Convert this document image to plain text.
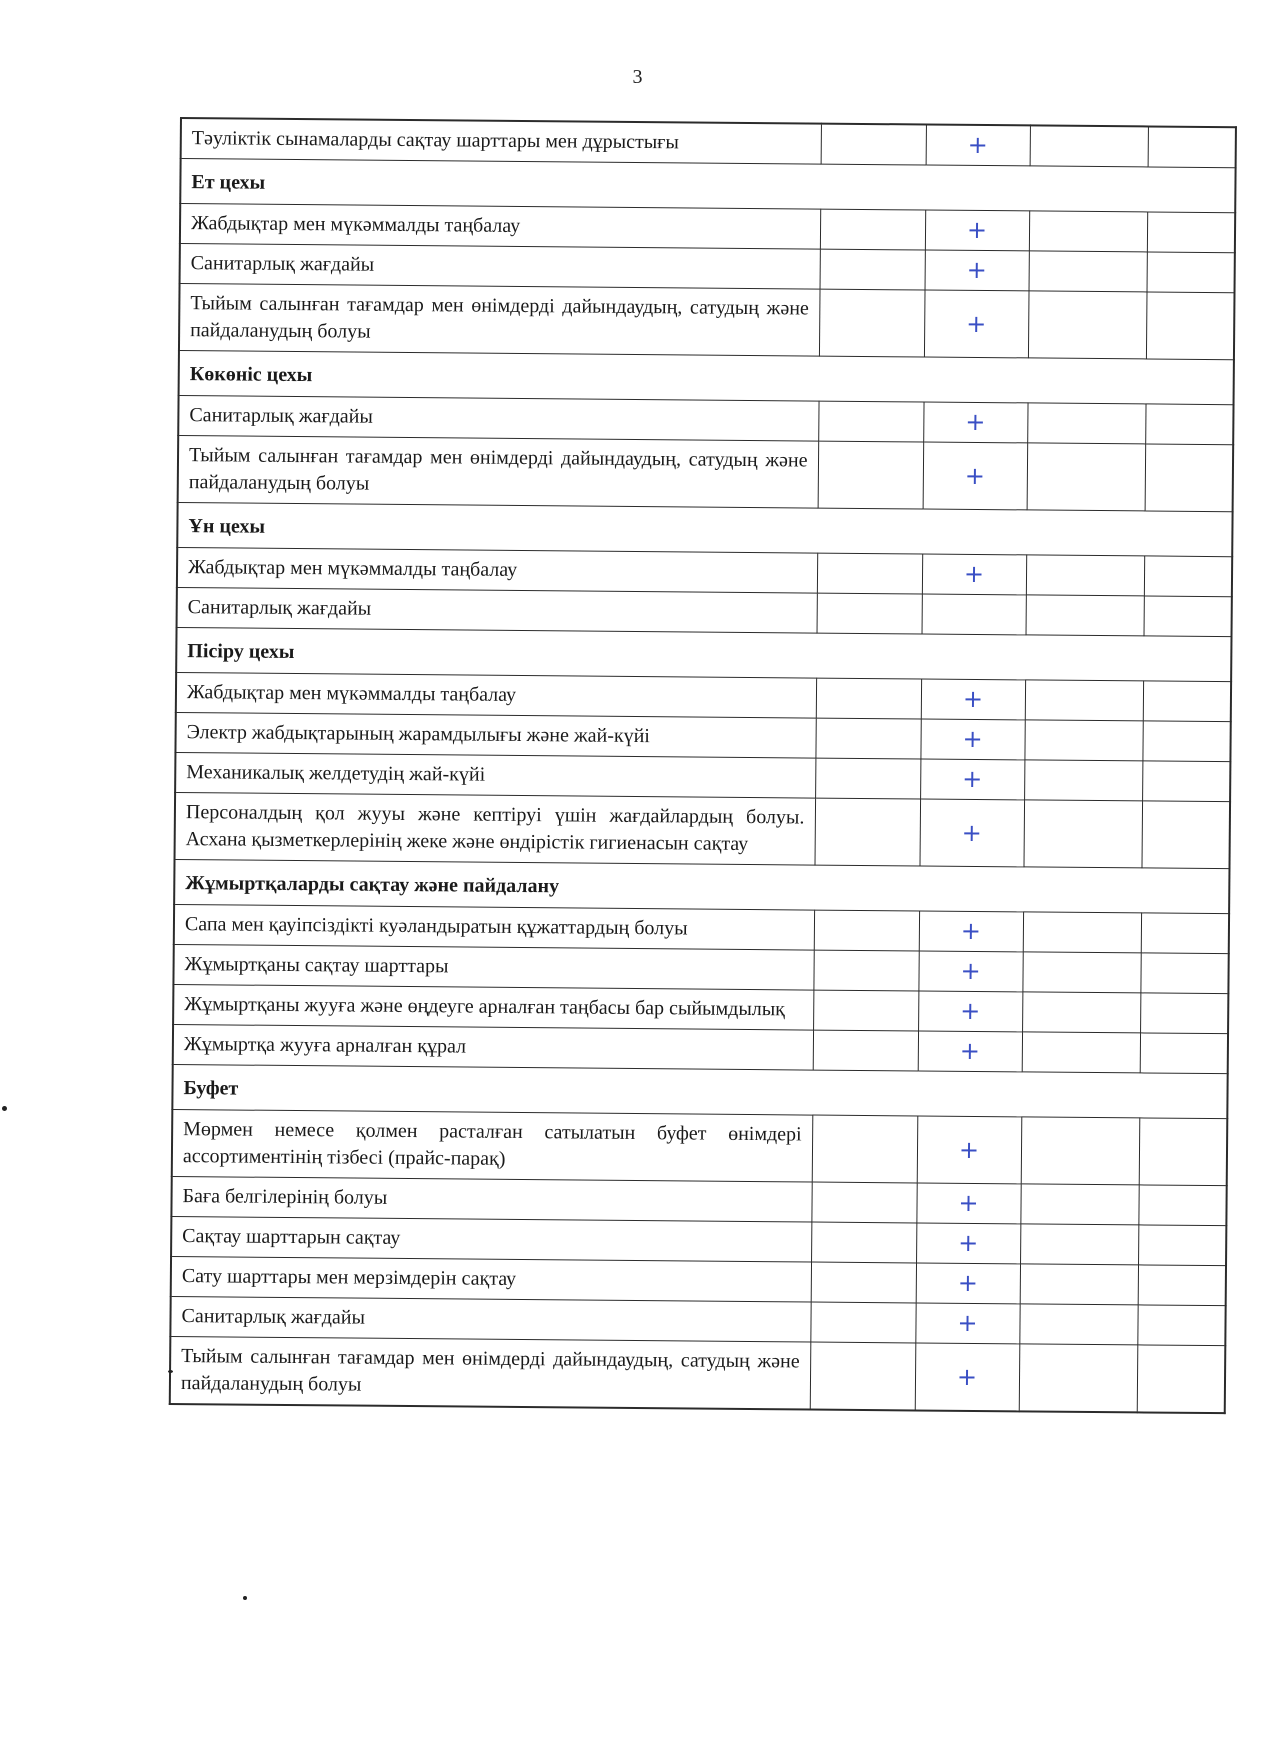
3
Тәуліктік сынамаларды сақтау шарттары мен дұрыстығы		+		
Ет цехы				
Жабдықтар мен мүкәммалды таңбалау		+		
Санитарлық жағдайы		+		
Тыйым салынған тағамдар мен өнімдерді дайындаудың, сатудың және пайдаланудың болуы		+		
Көкөніс цехы				
Санитарлық жағдайы		+		
Тыйым салынған тағамдар мен өнімдерді дайындаудың, сатудың және пайдаланудың болуы		+		
Ұн цехы				
Жабдықтар мен мүкәммалды таңбалау		+		
Санитарлық жағдайы				
Пісіру цехы				
Жабдықтар мен мүкәммалды таңбалау		+		
Электр жабдықтарының жарамдылығы және жай-күйі		+		
Механикалық желдетудің жай-күйі		+		
Персоналдың қол жууы және кептіруі үшін жағдайлардың болуы. Асхана қызметкерлерінің жеке және өндірістік гигиенасын сақтау		+		
Жұмыртқаларды сақтау және пайдалану				
Сапа мен қауіпсіздікті куәландыратын құжаттардың болуы		+		
Жұмыртқаны сақтау шарттары		+		
Жұмыртқаны жууға және өңдеуге арналған таңбасы бар сыйымдылық		+		
Жұмыртқа жууға арналған құрал		+		
Буфет				
Мөрмен немесе қолмен расталған сатылатын буфет өнімдері ассортиментінің тізбесі (прайс-парақ)		+		
Баға белгілерінің болуы		+		
Сақтау шарттарын сақтау		+		
Сату шарттары мен мерзімдерін сақтау		+		
Санитарлық жағдайы		+		
Тыйым салынған тағамдар мен өнімдерді дайындаудың, сатудың және пайдаланудың болуы		+		
